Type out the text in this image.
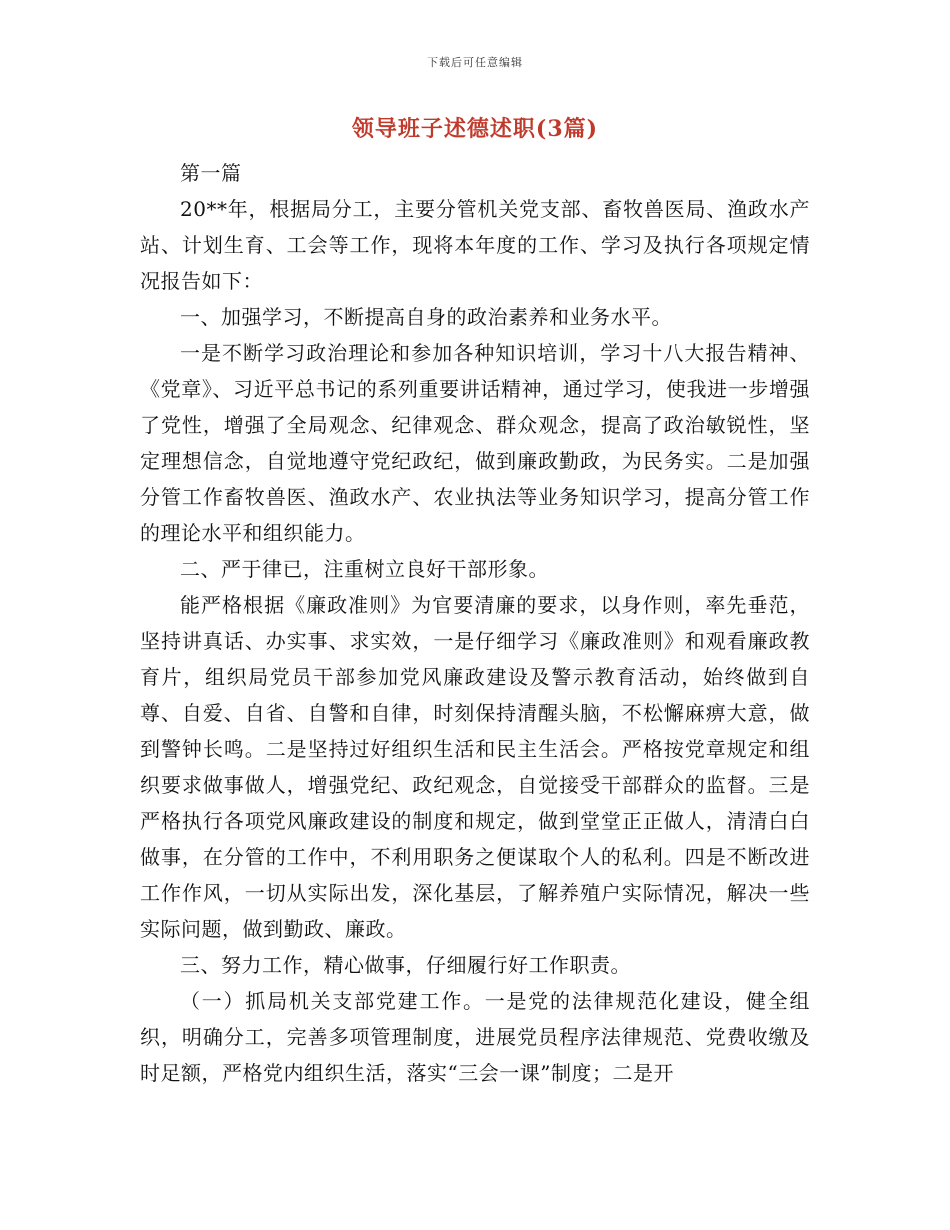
下载后可任意编辑
领导班子述德述职(3篇)

第一篇

20**年，根据局分工，主要分管机关党支部、畜牧兽医局、渔政水产站、计划生育、工会等工作，现将本年度的工作、学习及执行各项规定情况报告如下：

一、加强学习，不断提高自身的政治素养和业务水平。

一是不断学习政治理论和参加各种知识培训，学习十八大报告精神、《党章》、习近平总书记的系列重要讲话精神，通过学习，使我进一步增强了党性，增强了全局观念、纪律观念、群众观念，提高了政治敏锐性，坚定理想信念，自觉地遵守党纪政纪，做到廉政勤政，为民务实。二是加强分管工作畜牧兽医、渔政水产、农业执法等业务知识学习，提高分管工作的理论水平和组织能力。

二、严于律已，注重树立良好干部形象。

能严格根据《廉政准则》为官要清廉的要求，以身作则，率先垂范，坚持讲真话、办实事、求实效，一是仔细学习《廉政准则》和观看廉政教育片，组织局党员干部参加党风廉政建设及警示教育活动，始终做到自尊、自爱、自省、自警和自律，时刻保持清醒头脑，不松懈麻痹大意，做到警钟长鸣。二是坚持过好组织生活和民主生活会。严格按党章规定和组织要求做事做人，增强党纪、政纪观念，自觉接受干部群众的监督。三是严格执行各项党风廉政建设的制度和规定，做到堂堂正正做人，清清白白做事，在分管的工作中，不利用职务之便谋取个人的私利。四是不断改进工作作风，一切从实际出发，深化基层，了解养殖户实际情况，解决一些实际问题，做到勤政、廉政。

三、努力工作，精心做事，仔细履行好工作职责。

（一）抓局机关支部党建工作。一是党的法律规范化建设，健全组织，明确分工，完善多项管理制度，进展党员程序法律规范、党费收缴及时足额，严格党内组织生活，落实“三会一课”制度；二是开
